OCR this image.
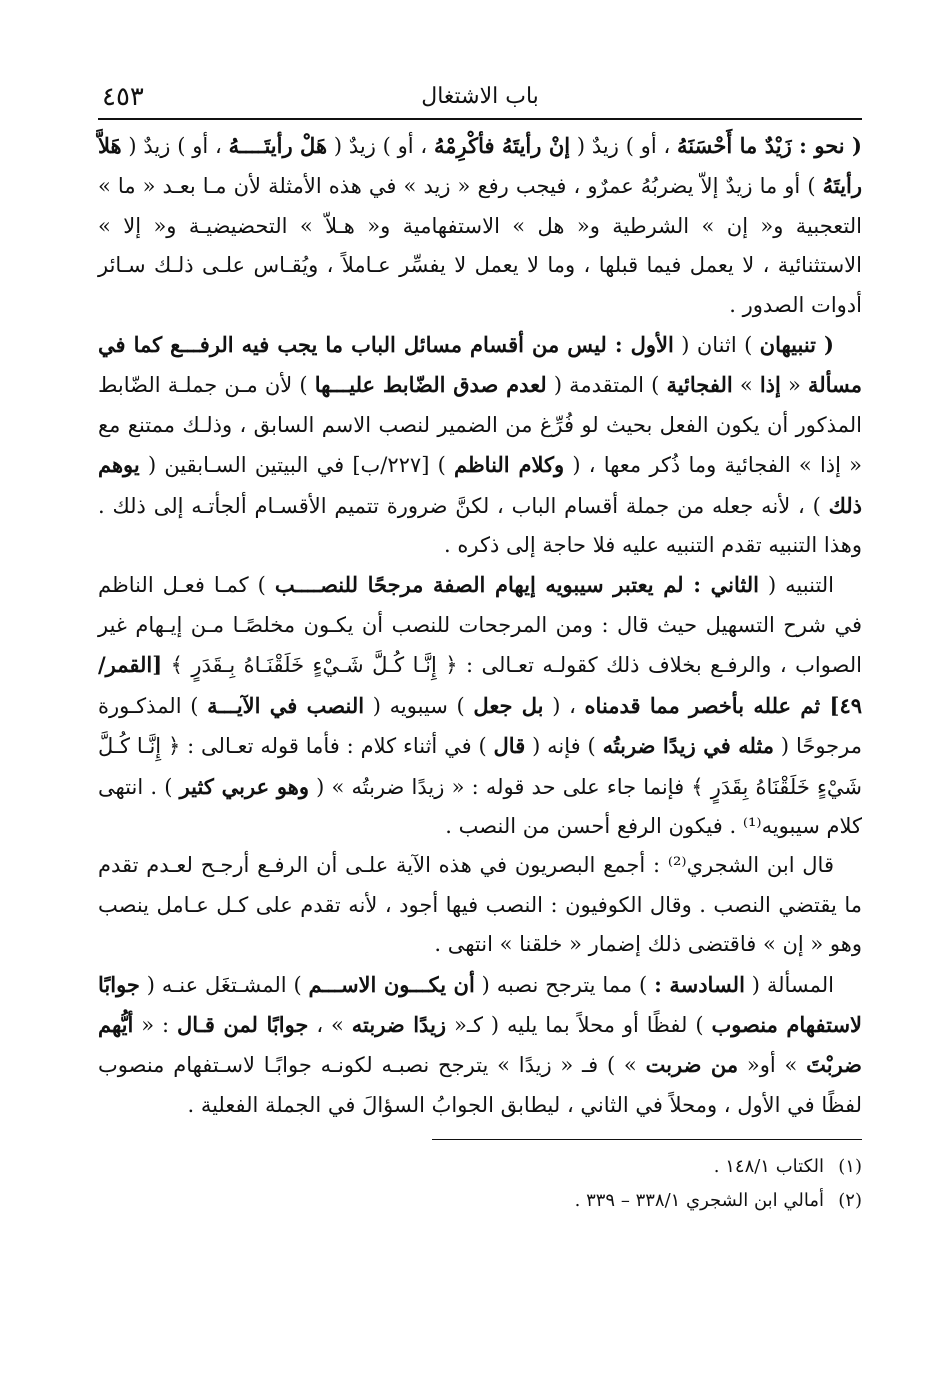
باب الاشتغال
٤٥٣

( نحو : زَيْدٌ ما أَحْسَنَهُ ، أو ) زيدٌ ( إنْ رأيتَهُ فأكْرِمْهُ ، أو ) زيدٌ ( هَلْ رأيتَــــهُ ، أو ) زيدٌ ( هَلاَّ رأيتَهُ ) أو ما زيدٌ إلاّ يضربُهُ عمرٌو ، فيجب رفع « زيد » في هذه الأمثلة لأن مـا بعـد « ما » التعجبية و« إن » الشرطية و« هل » الاستفهامية و« هـلاّ » التحضيضيـة و« إلا » الاستثنائية ، لا يعمل فيما قبلها ، وما لا يعمل لا يفسِّر عـاملاً ، ويُقـاس علـى ذلـك سـائر أدوات الصدور .

( تنبيهان ) اثنان ( الأول : ليس من أقسام مسائل الباب ما يجب فيه الرفـــع كما في مسألة « إذا » الفجائية ) المتقدمة ( لعدم صدق الضّابط عليـــها ) لأن مـن جملـة الضّابط المذكور أن يكون الفعل بحيث لو فُرِّغ من الضمير لنصب الاسم السابق ، وذلـك ممتنع مع « إذا » الفجائية وما ذُكر معها ، ( وكلام الناظم ) [٢٢٧/ب] في البيتين السـابقين ( يوهم ذلك ) ، لأنه جعله من جملة أقسام الباب ، لكنَّ ضرورة تتميم الأقسـام ألجأتـه إلى ذلك . وهذا التنبيه تقدم التنبيه عليه فلا حاجة إلى ذكره .

التنبيه ( الثاني : لم يعتبر سيبويه إيهام الصفة مرجحًا للنصــــب ) كمـا فعـل الناظم في شرح التسهيل حيث قال : ومن المرجحات للنصب أن يكـون مخلصًـا مـن إيـهام غير الصواب ، والرفـع بخلاف ذلك كقولـه تعـالى : ﴿ إِنَّـا كُـلَّ شَـيْءٍ خَلَقْنَـاهُ بِـقَدَرٍ ﴾ [القمر/٤٩] ثم علله بأخصر مما قدمناه ، ( بل جعل ) سيبويه ( النصب في الآيـــة ) المذكـورة مرجوحًا ( مثله في زيدًا ضربتُه ) فإنه ( قال ) في أثناء كلام : فأما قوله تعـالى : ﴿ إِنَّـا كُـلَّ شَيْءٍ خَلَقْنَاهُ بِقَدَرٍ ﴾ فإنما جاء على حد قوله : « زيدًا ضربتُه » ( وهو عربي كثير ) . انتهى كلام سيبويه⁽¹⁾ . فيكون الرفع أحسن من النصب .

قال ابن الشجري⁽²⁾ : أجمع البصريون في هذه الآية علـى أن الرفـع أرجـح لعـدم تقدم ما يقتضي النصب . وقال الكوفيون : النصب فيها أجود ، لأنه تقدم على كـل عـامل ينصب وهو « إن » فاقتضى ذلك إضمار « خلقنا » انتهى .

المسألة ( السادسة : ) مما يترجح نصبه ( أن يكـــون الاســـم ) المشـتغَل عنـه ( جوابًا لاستفهام منصوب ) لفظًا أو محلاً بما يليه ( كـ« زيدًا ضربته » ، جوابًا لمن قـال : « أيُّهم ضربْتَ » أو« من ضربت » ) فـ « زيدًا » يترجح نصبـه لكونـه جوابًـا لاسـتفهام منصوب لفظًا في الأول ، ومحلاً في الثاني ، ليطابق الجوابُ السؤالَ في الجملة الفعلية .

(١)الكتاب ١٤٨/١ .
(٢)أمالي ابن الشجري ٣٣٨/١ – ٣٣٩ .
